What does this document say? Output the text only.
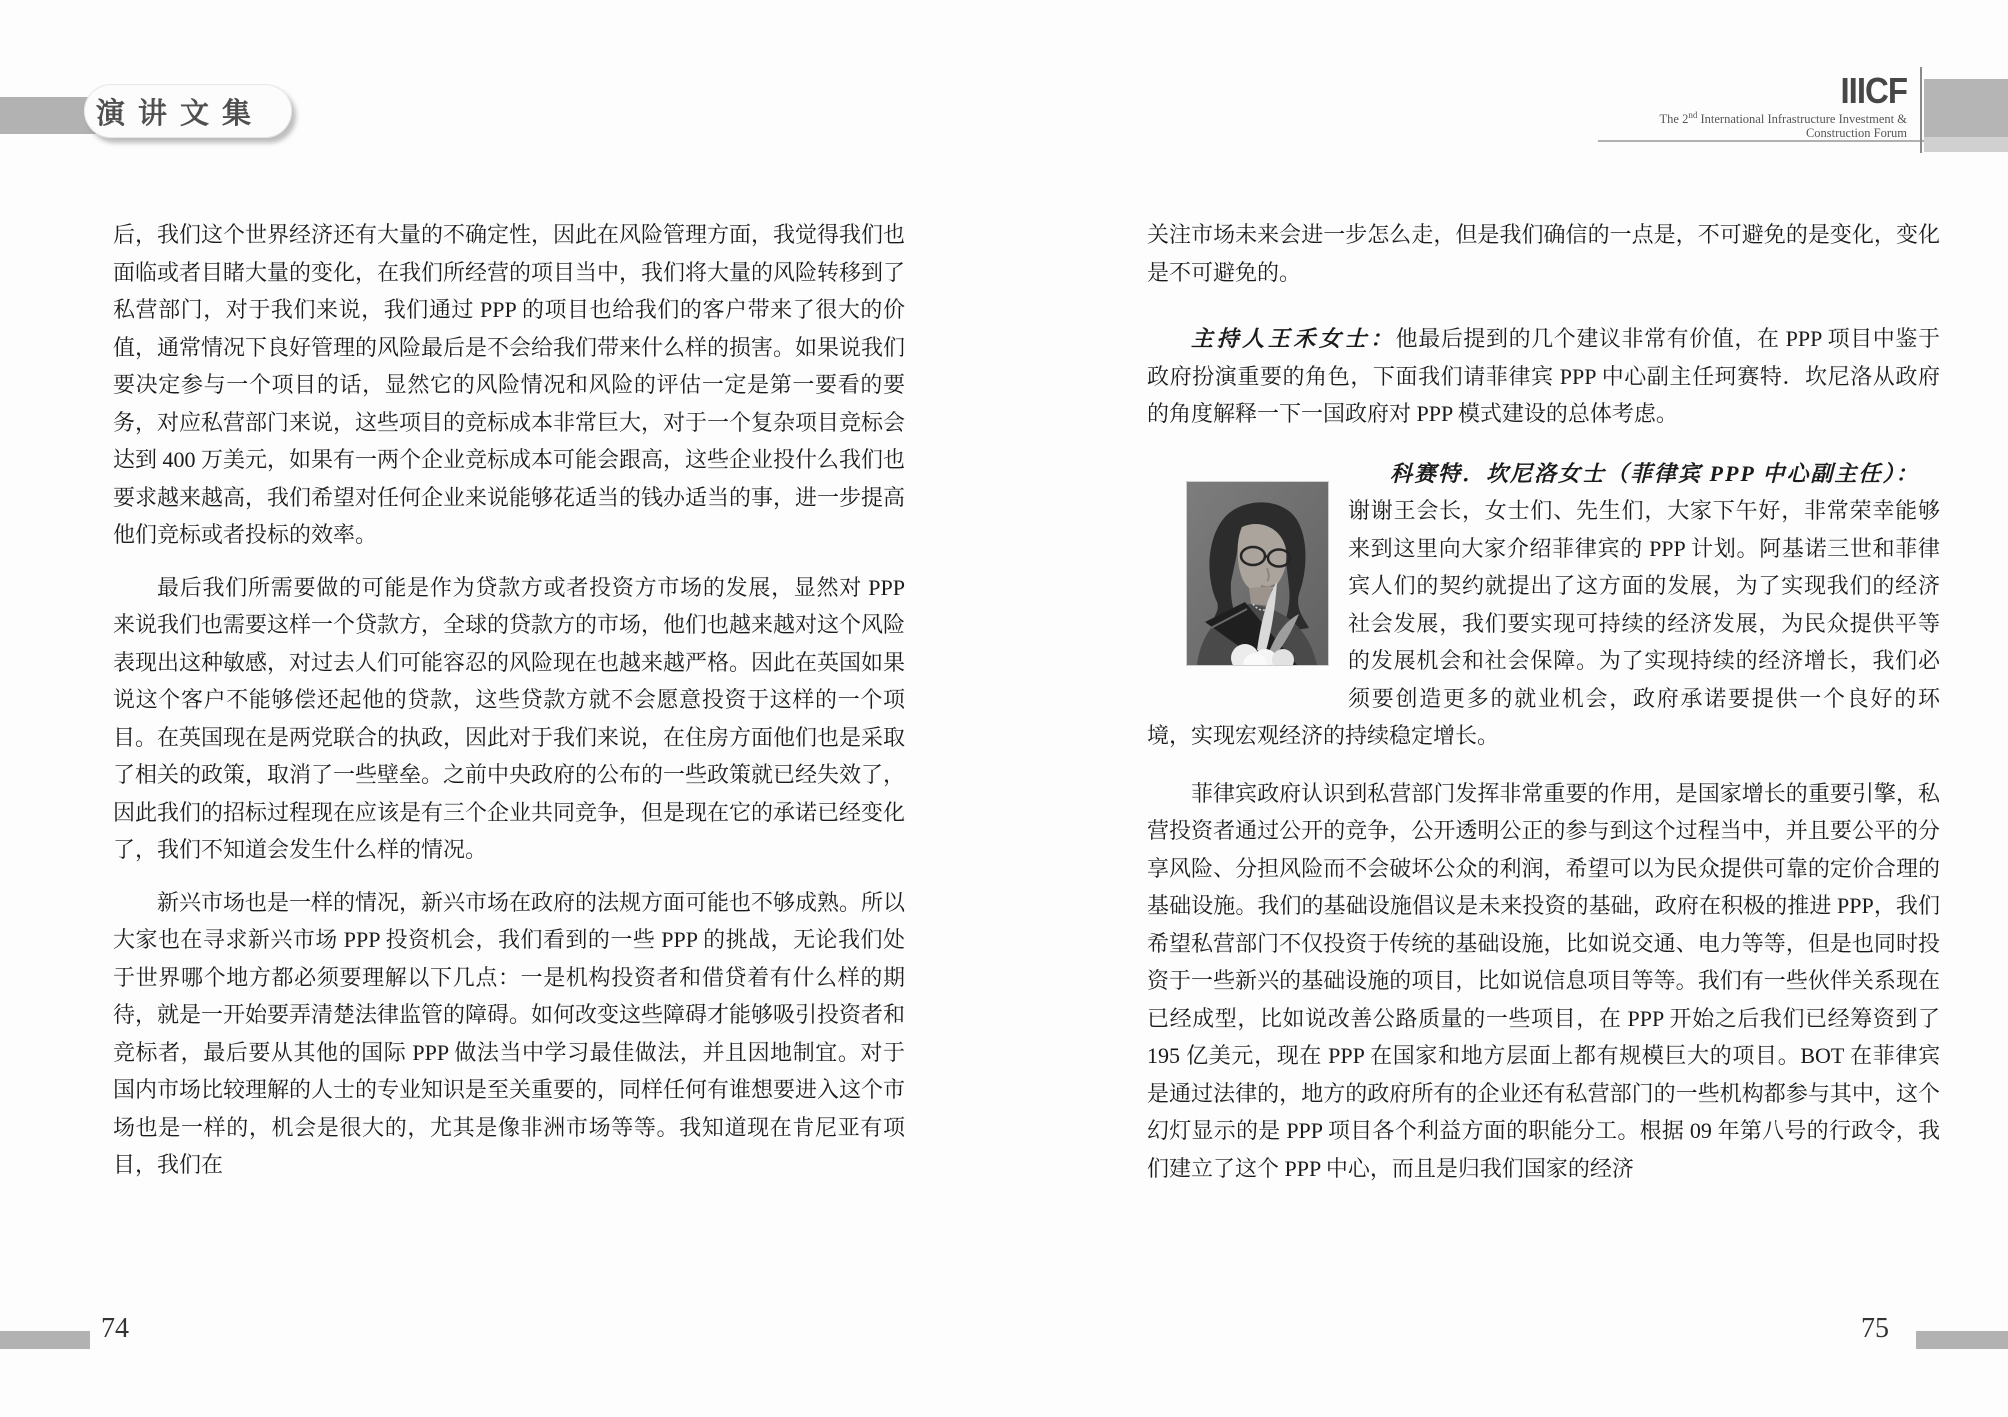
演讲文集
IIICF
The 2nd International Infrastructure Investment &
Construction Forum

后，我们这个世界经济还有大量的不确定性，因此在风险管理方面，我觉得我们也面临或者目睹大量的变化，在我们所经营的项目当中，我们将大量的风险转移到了私营部门，对于我们来说，我们通过 PPP 的项目也给我们的客户带来了很大的价值，通常情况下良好管理的风险最后是不会给我们带来什么样的损害。如果说我们要决定参与一个项目的话，显然它的风险情况和风险的评估一定是第一要看的要务，对应私营部门来说，这些项目的竞标成本非常巨大，对于一个复杂项目竞标会达到 400 万美元，如果有一两个企业竞标成本可能会跟高，这些企业投什么我们也要求越来越高，我们希望对任何企业来说能够花适当的钱办适当的事，进一步提高他们竞标或者投标的效率。

最后我们所需要做的可能是作为贷款方或者投资方市场的发展，显然对 PPP 来说我们也需要这样一个贷款方，全球的贷款方的市场，他们也越来越对这个风险表现出这种敏感，对过去人们可能容忍的风险现在也越来越严格。因此在英国如果说这个客户不能够偿还起他的贷款，这些贷款方就不会愿意投资于这样的一个项目。在英国现在是两党联合的执政，因此对于我们来说，在住房方面他们也是采取了相关的政策，取消了一些壁垒。之前中央政府的公布的一些政策就已经失效了，因此我们的招标过程现在应该是有三个企业共同竞争，但是现在它的承诺已经变化了，我们不知道会发生什么样的情况。

新兴市场也是一样的情况，新兴市场在政府的法规方面可能也不够成熟。所以大家也在寻求新兴市场 PPP 投资机会，我们看到的一些 PPP 的挑战，无论我们处于世界哪个地方都必须要理解以下几点：一是机构投资者和借贷着有什么样的期待，就是一开始要弄清楚法律监管的障碍。如何改变这些障碍才能够吸引投资者和竞标者，最后要从其他的国际 PPP 做法当中学习最佳做法，并且因地制宜。对于国内市场比较理解的人士的专业知识是至关重要的，同样任何有谁想要进入这个市场也是一样的，机会是很大的，尤其是像非洲市场等等。我知道现在肯尼亚有项目，我们在

关注市场未来会进一步怎么走，但是我们确信的一点是，不可避免的是变化，变化是不可避免的。

主持人王禾女士：他最后提到的几个建议非常有价值，在 PPP 项目中鉴于政府扮演重要的角色，下面我们请菲律宾 PPP 中心副主任珂赛特．坎尼洛从政府的角度解释一下一国政府对 PPP 模式建设的总体考虑。

科赛特．坎尼洛女士（菲律宾 PPP 中心副主任）：
谢谢王会长，女士们、先生们，大家下午好，非常荣幸能够来到这里向大家介绍菲律宾的 PPP 计划。阿基诺三世和菲律宾人们的契约就提出了这方面的发展，为了实现我们的经济社会发展，我们要实现可持续的经济发展，为民众提供平等的发展机会和社会保障。为了实现持续的经济增长，我们必须要创造更多的就业机会，政府承诺要提供一个良好的环境，实现宏观经济的持续稳定增长。

菲律宾政府认识到私营部门发挥非常重要的作用，是国家增长的重要引擎，私营投资者通过公开的竞争，公开透明公正的参与到这个过程当中，并且要公平的分享风险、分担风险而不会破坏公众的利润，希望可以为民众提供可靠的定价合理的基础设施。我们的基础设施倡议是未来投资的基础，政府在积极的推进 PPP，我们希望私营部门不仅投资于传统的基础设施，比如说交通、电力等等，但是也同时投资于一些新兴的基础设施的项目，比如说信息项目等等。我们有一些伙伴关系现在已经成型，比如说改善公路质量的一些项目，在 PPP 开始之后我们已经筹资到了 195 亿美元，现在 PPP 在国家和地方层面上都有规模巨大的项目。BOT 在菲律宾是通过法律的，地方的政府所有的企业还有私营部门的一些机构都参与其中，这个幻灯显示的是 PPP 项目各个利益方面的职能分工。根据 09 年第八号的行政令，我们建立了这个 PPP 中心，而且是归我们国家的经济

74	75
